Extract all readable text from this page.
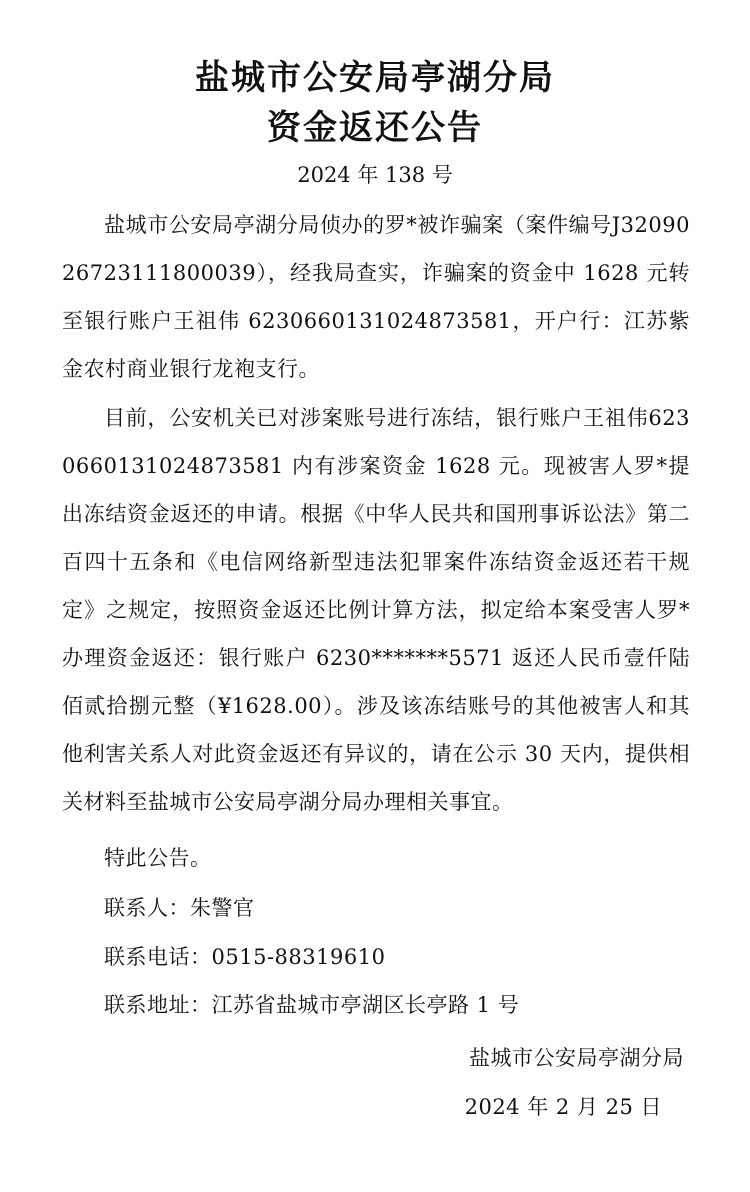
盐城市公安局亭湖分局
资金返还公告
2024 年 138 号
盐城市公安局亭湖分局侦办的罗*被诈骗案（案件编号J3209026723111800039），经我局查实，诈骗案的资金中 1628 元转至银行账户王祖伟 6230660131024873581，开户行：江苏紫金农村商业银行龙袍支行。
目前，公安机关已对涉案账号进行冻结，银行账户王祖伟6230660131024873581 内有涉案资金 1628 元。现被害人罗*提出冻结资金返还的申请。根据《中华人民共和国刑事诉讼法》第二百四十五条和《电信网络新型违法犯罪案件冻结资金返还若干规定》之规定，按照资金返还比例计算方法，拟定给本案受害人罗*办理资金返还：银行账户 6230*******5571 返还人民币壹仟陆佰贰拾捌元整（¥1628.00）。涉及该冻结账号的其他被害人和其他利害关系人对此资金返还有异议的，请在公示 30 天内，提供相关材料至盐城市公安局亭湖分局办理相关事宜。
特此公告。
联系人：朱警官
联系电话：0515-88319610
联系地址：江苏省盐城市亭湖区长亭路 1 号
盐城市公安局亭湖分局
2024 年 2 月 25 日
